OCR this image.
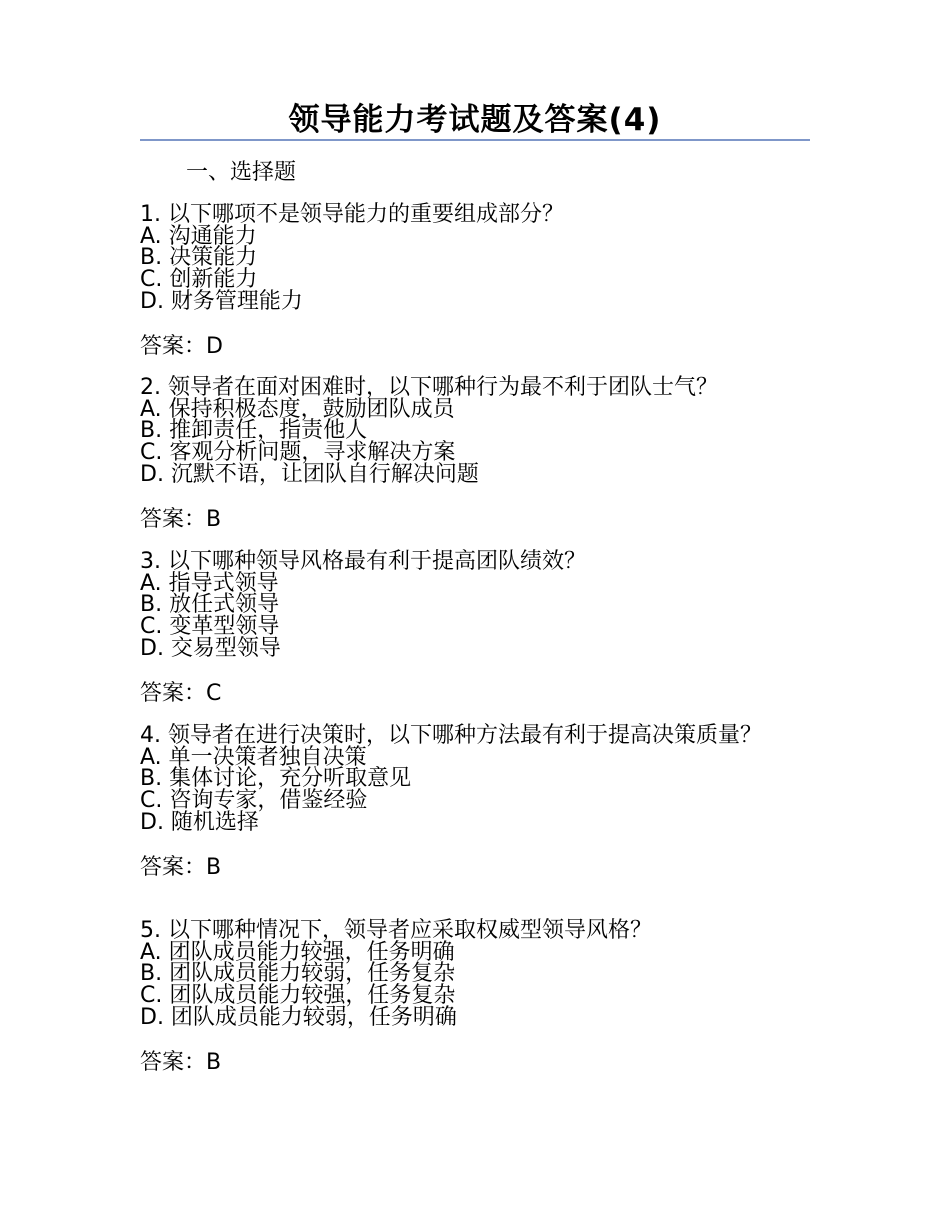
领导能力考试题及答案(4)
一、选择题
1. 以下哪项不是领导能力的重要组成部分？
A. 沟通能力
B. 决策能力
C. 创新能力
D. 财务管理能力
答案：D
2. 领导者在面对困难时，以下哪种行为最不利于团队士气？
A. 保持积极态度，鼓励团队成员
B. 推卸责任，指责他人
C. 客观分析问题，寻求解决方案
D. 沉默不语，让团队自行解决问题
答案：B
3. 以下哪种领导风格最有利于提高团队绩效？
A. 指导式领导
B. 放任式领导
C. 变革型领导
D. 交易型领导
答案：C
4. 领导者在进行决策时，以下哪种方法最有利于提高决策质量？
A. 单一决策者独自决策
B. 集体讨论，充分听取意见
C. 咨询专家，借鉴经验
D. 随机选择
答案：B
5. 以下哪种情况下，领导者应采取权威型领导风格？
A. 团队成员能力较强，任务明确
B. 团队成员能力较弱，任务复杂
C. 团队成员能力较强，任务复杂
D. 团队成员能力较弱，任务明确
答案：B
